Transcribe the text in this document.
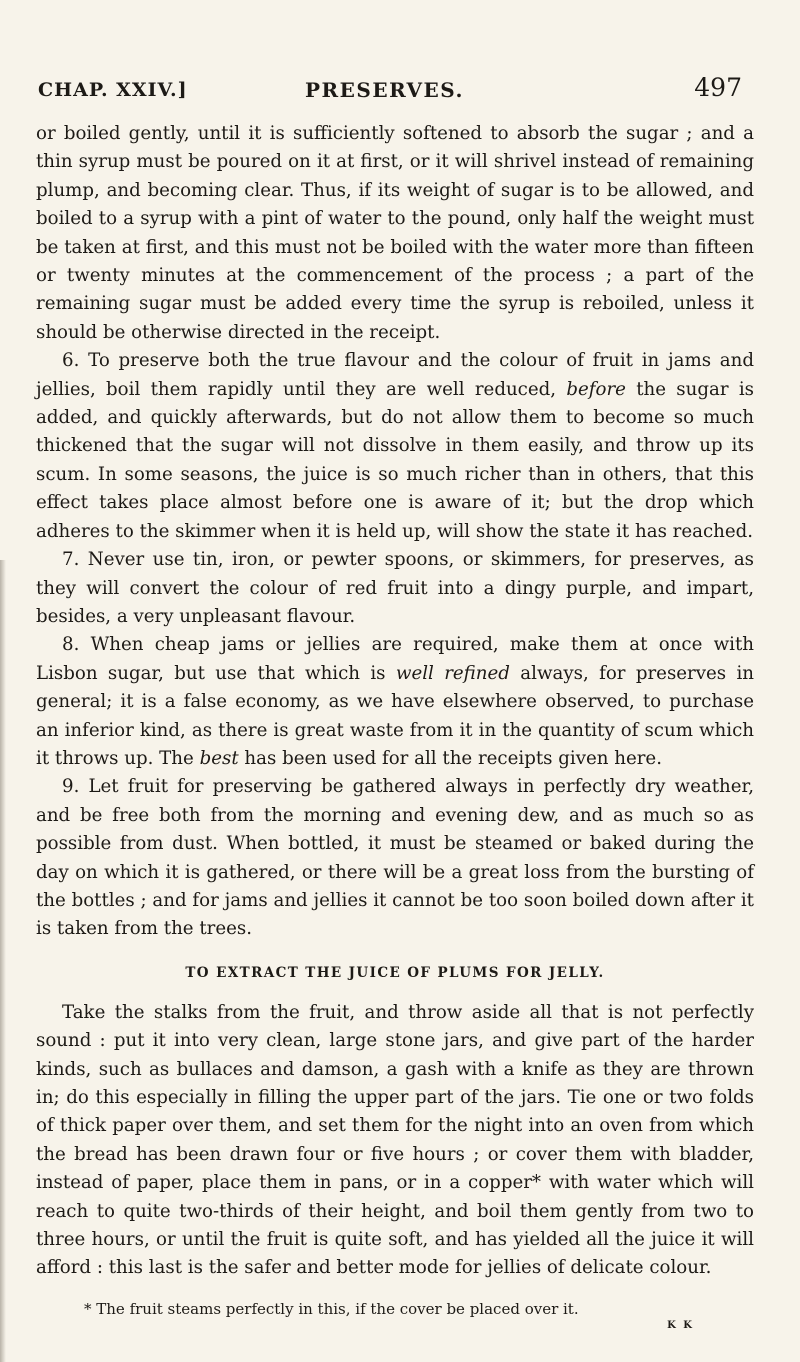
CHAP. XXIV.]	PRESERVES.	497

or boiled gently, until it is sufficiently softened to absorb the sugar ; and a thin syrup must be poured on it at first, or it will shrivel instead of remaining plump, and becoming clear. Thus, if its weight of sugar is to be allowed, and boiled to a syrup with a pint of water to the pound, only half the weight must be taken at first, and this must not be boiled with the water more than fifteen or twenty minutes at the commencement of the process ; a part of the remaining sugar must be added every time the syrup is reboiled, unless it should be otherwise directed in the receipt.

6. To preserve both the true flavour and the colour of fruit in jams and jellies, boil them rapidly until they are well reduced, before the sugar is added, and quickly afterwards, but do not allow them to become so much thickened that the sugar will not dissolve in them easily, and throw up its scum. In some seasons, the juice is so much richer than in others, that this effect takes place almost before one is aware of it; but the drop which adheres to the skimmer when it is held up, will show the state it has reached.

7. Never use tin, iron, or pewter spoons, or skimmers, for preserves, as they will convert the colour of red fruit into a dingy purple, and impart, besides, a very unpleasant flavour.

8. When cheap jams or jellies are required, make them at once with Lisbon sugar, but use that which is well refined always, for preserves in general; it is a false economy, as we have elsewhere observed, to purchase an inferior kind, as there is great waste from it in the quantity of scum which it throws up. The best has been used for all the receipts given here.

9. Let fruit for preserving be gathered always in perfectly dry weather, and be free both from the morning and evening dew, and as much so as possible from dust. When bottled, it must be steamed or baked during the day on which it is gathered, or there will be a great loss from the bursting of the bottles ; and for jams and jellies it cannot be too soon boiled down after it is taken from the trees.

TO EXTRACT THE JUICE OF PLUMS FOR JELLY.

Take the stalks from the fruit, and throw aside all that is not perfectly sound : put it into very clean, large stone jars, and give part of the harder kinds, such as bullaces and damson, a gash with a knife as they are thrown in; do this especially in filling the upper part of the jars. Tie one or two folds of thick paper over them, and set them for the night into an oven from which the bread has been drawn four or five hours ; or cover them with bladder, instead of paper, place them in pans, or in a copper* with water which will reach to quite two-thirds of their height, and boil them gently from two to three hours, or until the fruit is quite soft, and has yielded all the juice it will afford : this last is the safer and better mode for jellies of delicate colour.

* The fruit steams perfectly in this, if the cover be placed over it.

K K
